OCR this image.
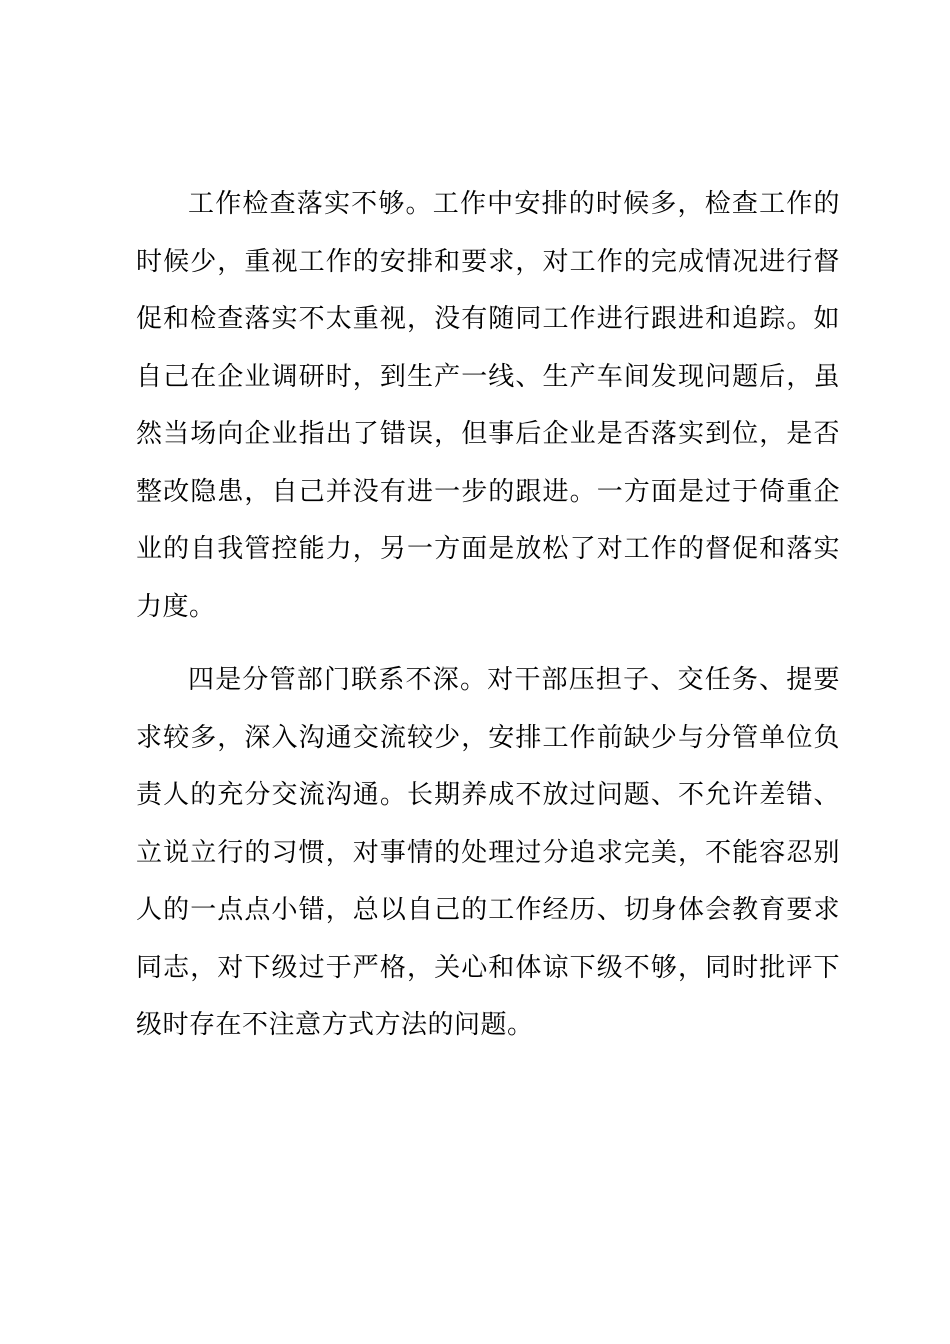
工作检查落实不够。工作中安排的时候多，检查工作的时候少，重视工作的安排和要求，对工作的完成情况进行督促和检查落实不太重视，没有随同工作进行跟进和追踪。如自己在企业调研时，到生产一线、生产车间发现问题后，虽然当场向企业指出了错误，但事后企业是否落实到位，是否整改隐患，自己并没有进一步的跟进。一方面是过于倚重企业的自我管控能力，另一方面是放松了对工作的督促和落实力度。

四是分管部门联系不深。对干部压担子、交任务、提要求较多，深入沟通交流较少，安排工作前缺少与分管单位负责人的充分交流沟通。长期养成不放过问题、不允许差错、立说立行的习惯，对事情的处理过分追求完美，不能容忍别人的一点点小错，总以自己的工作经历、切身体会教育要求同志，对下级过于严格，关心和体谅下级不够，同时批评下级时存在不注意方式方法的问题。
